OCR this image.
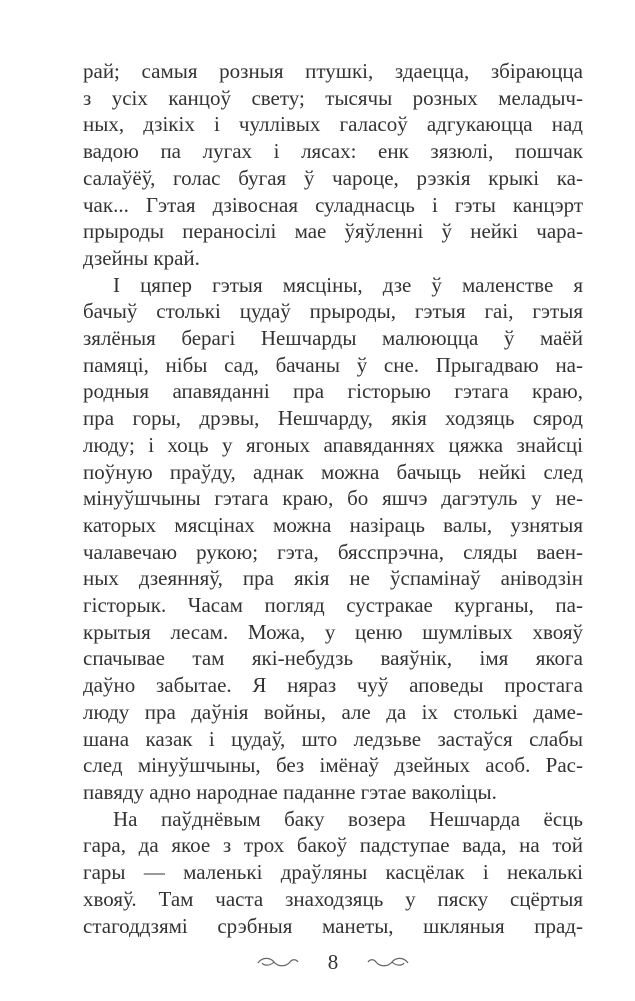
рай; самыя розныя птушкі, здаецца, збіраюцца
з усіх канцоў свету; тысячы розных меладыч-
ных, дзікіх і чуллівых галасоў адгукаюцца над
вадою па лугах і лясах: енк зязюлі, пошчак
салаўёў, голас бугая ў чароце, рэзкія крыкі ка-
чак... Гэтая дзівосная суладнасць і гэты канцэрт
прыроды пераносілі мае ўяўленні ў нейкі чара-
дзейны край.
І цяпер гэтыя мясціны, дзе ў маленстве я
бачыў столькі цудаў прыроды, гэтыя гаі, гэтыя
зялёныя берагі Нешчарды малююцца ў маёй
памяці, нібы сад, бачаны ў сне. Прыгадваю на-
родныя апавяданні пра гісторыю гэтага краю,
пра горы, дрэвы, Нешчарду, якія ходзяць сярод
люду; і хоць у ягоных апавяданнях цяжка знайсці
поўную праўду, аднак можна бачыць нейкі след
мінуўшчыны гэтага краю, бо яшчэ дагэтуль у не-
каторых мясцінах можна назіраць валы, узнятыя
чалавечаю рукою; гэта, бясспрэчна, сляды ваен-
ных дзеянняў, пра якія не ўспамінаў аніводзін
гісторык. Часам погляд сустракае курганы, па-
крытыя лесам. Можа, у ценю шумлівых хвояў
спачывае там які-небудзь ваяўнік, імя якога
даўно забытае. Я няраз чуў аповеды простага
люду пра даўнія войны, але да іх столькі даме-
шана казак і цудаў, што ледзьве застаўся слабы
след мінуўшчыны, без імёнаў дзейных асоб. Рас-
павяду адно народнае паданне гэтае ваколіцы.
На паўднёвым баку возера Нешчарда ёсць
гара, да якое з трох бакоў падступае вада, на той
гары — маленькі драўляны касцёлак і некалькі
хвояў. Там часта знаходзяць у пяску сцёртыя
стагоддзямі срэбныя манеты, шкляныя прад-
8
